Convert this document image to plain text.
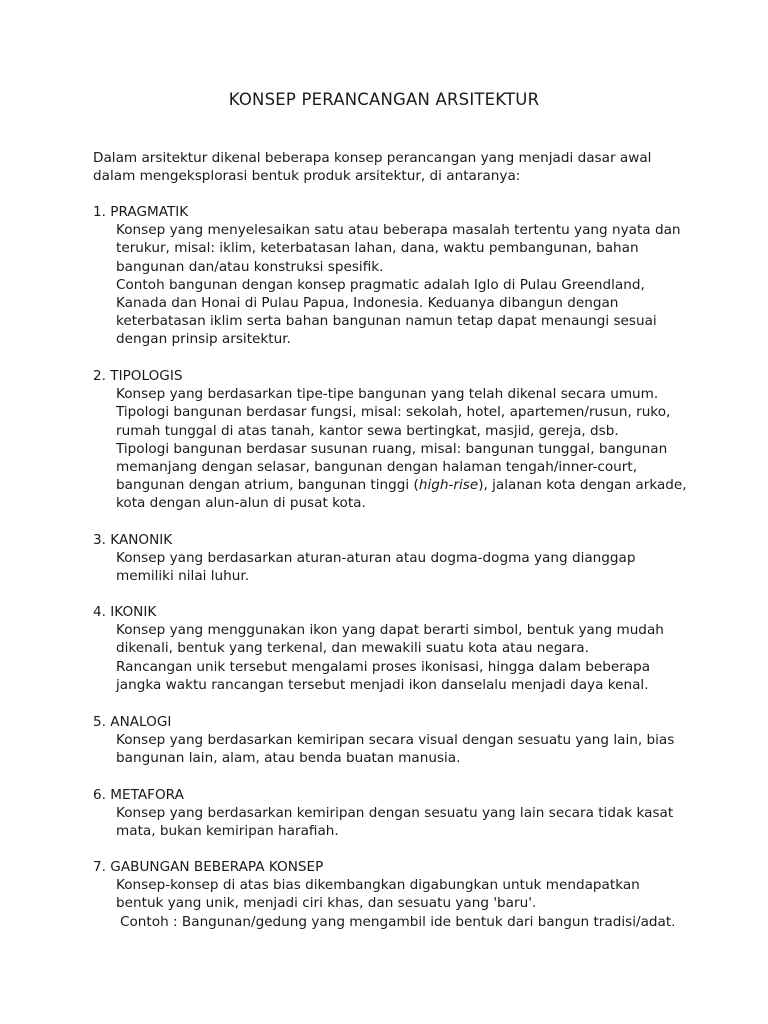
KONSEP PERANCANGAN ARSITEKTUR

Dalam arsitektur dikenal beberapa konsep perancangan yang menjadi dasar awal

dalam mengeksplorasi bentuk produk arsitektur, di antaranya:

1. PRAGMATIK

Konsep yang menyelesaikan satu atau beberapa masalah tertentu yang nyata dan

terukur, misal: iklim, keterbatasan lahan, dana, waktu pembangunan, bahan

bangunan dan/atau konstruksi spesifik.

Contoh bangunan dengan konsep pragmatic adalah Iglo di Pulau Greendland,

Kanada dan Honai di Pulau Papua, Indonesia. Keduanya dibangun dengan

keterbatasan iklim serta bahan bangunan namun tetap dapat menaungi sesuai

dengan prinsip arsitektur.

2. TIPOLOGIS

Konsep yang berdasarkan tipe-tipe bangunan yang telah dikenal secara umum.

Tipologi bangunan berdasar fungsi, misal: sekolah, hotel, apartemen/rusun, ruko,

rumah tunggal di atas tanah, kantor sewa bertingkat, masjid, gereja, dsb.

Tipologi bangunan berdasar susunan ruang, misal: bangunan tunggal, bangunan

memanjang dengan selasar, bangunan dengan halaman tengah/inner-court,

bangunan dengan atrium, bangunan tinggi (high-rise), jalanan kota dengan arkade,

kota dengan alun-alun di pusat kota.

3. KANONIK

Konsep yang berdasarkan aturan-aturan atau dogma-dogma yang dianggap

memiliki nilai luhur.

4. IKONIK

Konsep yang menggunakan ikon yang dapat berarti simbol, bentuk yang mudah

dikenali, bentuk yang terkenal, dan mewakili suatu kota atau negara.

Rancangan unik tersebut mengalami proses ikonisasi, hingga dalam beberapa

jangka waktu rancangan tersebut menjadi ikon danselalu menjadi daya kenal.

5. ANALOGI

Konsep yang berdasarkan kemiripan secara visual dengan sesuatu yang lain, bias

bangunan lain, alam, atau benda buatan manusia.

6. METAFORA

Konsep yang berdasarkan kemiripan dengan sesuatu yang lain secara tidak kasat

mata, bukan kemiripan harafiah.

7. GABUNGAN BEBERAPA KONSEP

Konsep-konsep di atas bias dikembangkan digabungkan untuk mendapatkan

bentuk yang unik, menjadi ciri khas, dan sesuatu yang 'baru'.

Contoh : Bangunan/gedung yang mengambil ide bentuk dari bangun tradisi/adat.
